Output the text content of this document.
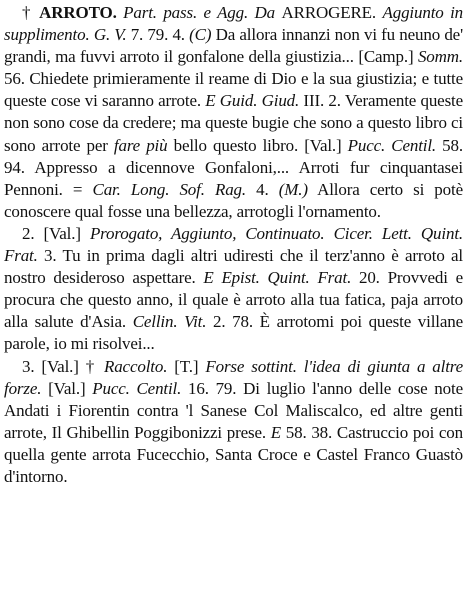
† ARROTO. Part. pass. e Agg. Da ARROGERE. Aggiunto in supplimento. G. V. 7. 79. 4. (C) Da allora innanzi non vi fu neuno de' grandi, ma fuvvi arroto il gonfalone della giustizia... [Camp.] Somm. 56. Chiedete primieramente il reame di Dio e la sua giustizia; e tutte queste cose vi saranno arrote. E Guid. Giud. III. 2. Veramente queste non sono cose da credere; ma queste bugie che sono a questo libro ci sono arrote per fare più bello questo libro. [Val.] Pucc. Centil. 58. 94. Appresso a dicennove Gonfaloni,... Arroti fur cinquantasei Pennoni. = Car. Long. Sof. Rag. 4. (M.) Allora certo si potè conoscere qual fosse una bellezza, arrotogli l'ornamento.

2. [Val.] Prorogato, Aggiunto, Continuato. Cicer. Lett. Quint. Frat. 3. Tu in prima dagli altri udiresti che il terz'anno è arroto al nostro desideroso aspettare. E Epist. Quint. Frat. 20. Provvedi e procura che questo anno, il quale è arroto alla tua fatica, paja arroto alla salute d'Asia. Cellin. Vit. 2. 78. È arrotomi poi queste villane parole, io mi risolvei...

3. [Val.] † Raccolto. [T.] Forse sottint. l'idea di giunta a altre forze. [Val.] Pucc. Centil. 16. 79. Di luglio l'anno delle cose note Andati i Fiorentin contra 'l Sanese Col Maliscalco, ed altre genti arrote, Il Ghibellin Poggibonizzi prese. E 58. 38. Castruccio poi con quella gente arrota Fucecchio, Santa Croce e Castel Franco Guastò d'intorno.
